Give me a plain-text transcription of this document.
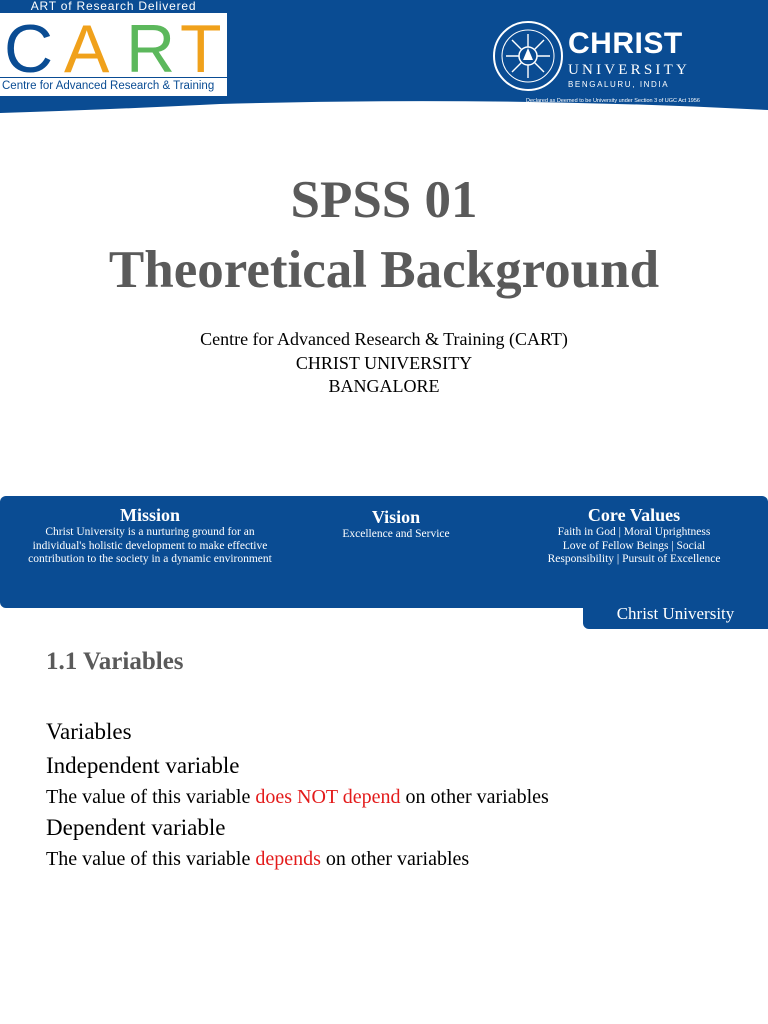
ART of Research Delivered
C A R T
Centre for Advanced Research & Training
CHRIST
UNIVERSITY
BENGALURU, INDIA
Declared as Deemed to be University under Section 3 of UGC Act 1956
SPSS 01
Theoretical Background
Centre for Advanced Research & Training (CART)
CHRIST UNIVERSITY
BANGALORE
Mission
Christ University is a nurturing ground for an
individual's holistic development to make effective
contribution to the society in a dynamic environment
Vision
Excellence and Service
Core Values
Faith in God | Moral Uprightness
Love of Fellow Beings | Social
Responsibility | Pursuit of Excellence
Christ University
1.1 Variables
Variables
Independent variable
The value of this variable does NOT depend on other variables
Dependent variable
The value of this variable depends on other variables
